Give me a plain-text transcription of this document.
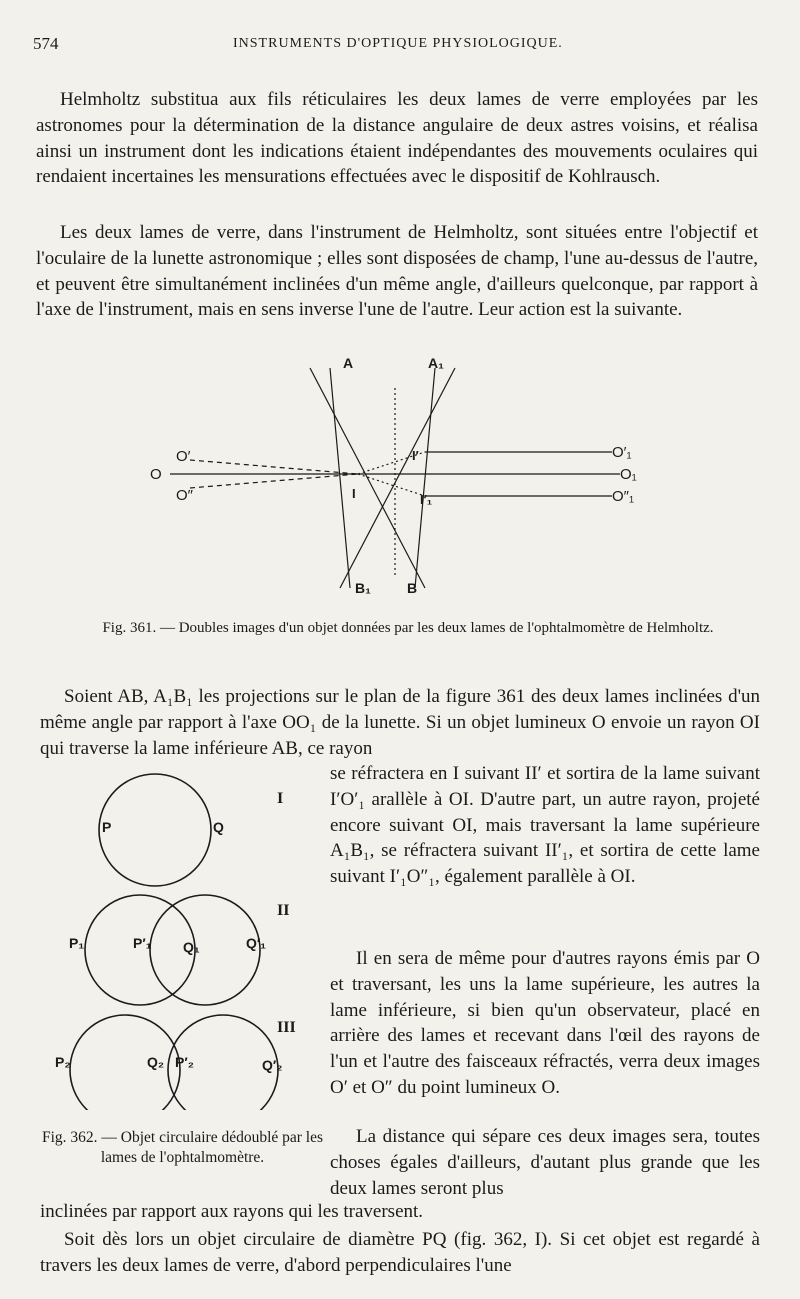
574	INSTRUMENTS D'OPTIQUE PHYSIOLOGIQUE.

Helmholtz substitua aux fils réticulaires les deux lames de verre employées par les astronomes pour la détermination de la distance angulaire de deux astres voisins, et réalisa ainsi un instrument dont les indications étaient indépendantes des mouvements oculaires qui rendaient incertaines les mensurations effectuées avec le dispositif de Kohlrausch.

Les deux lames de verre, dans l'instrument de Helmholtz, sont situées entre l'objectif et l'oculaire de la lunette astronomique ; elles sont disposées de champ, l'une au-dessus de l'autre, et peuvent être simultanément inclinées d'un même angle, d'ailleurs quelconque, par rapport à l'axe de l'instrument, mais en sens inverse l'une de l'autre. Leur action est la suivante.

A	A₁
B₁	B
O′
O
O″
I′
I	I′₁
O′₁
O₁
O″₁

Fig. 361. — Doubles images d'un objet données par les deux lames de l'ophtalmomètre de Helmholtz.

Soient AB, A₁B₁ les projections sur le plan de la figure 361 des deux lames inclinées d'un même angle par rapport à l'axe OO₁ de la lunette. Si un objet lumineux O envoie un rayon OI qui traverse la lame inférieure AB, ce rayon

se réfractera en I suivant II′ et sortira de la lame suivant I′O′₁ arallèle à OI. D'autre part, un autre rayon, projeté encore suivant OI, mais traversant la lame supérieure A₁B₁, se réfractera suivant II′₁, et sortira de cette lame suivant I′₁O″₁, également parallèle à OI.

P	Q
I
P₁	P′₁ Q₁	Q′₁
II
P₂	Q₂ P′₂	Q′₂
III

Fig. 362. — Objet circulaire dédoublé par les lames de l'ophtalmomètre.

Il en sera de même pour d'autres rayons émis par O et traversant, les uns la lame supérieure, les autres la lame inférieure, si bien qu'un observateur, placé en arrière des lames et recevant dans l'œil des rayons de l'un et l'autre des faisceaux réfractés, verra deux images O′ et O″ du point lumineux O.

La distance qui sépare ces deux images sera, toutes choses égales d'ailleurs, d'autant plus grande que les deux lames seront plus

inclinées par rapport aux rayons qui les traversent.

Soit dès lors un objet circulaire de diamètre PQ (fig. 362, I). Si cet objet est regardé à travers les deux lames de verre, d'abord perpendiculaires l'une
